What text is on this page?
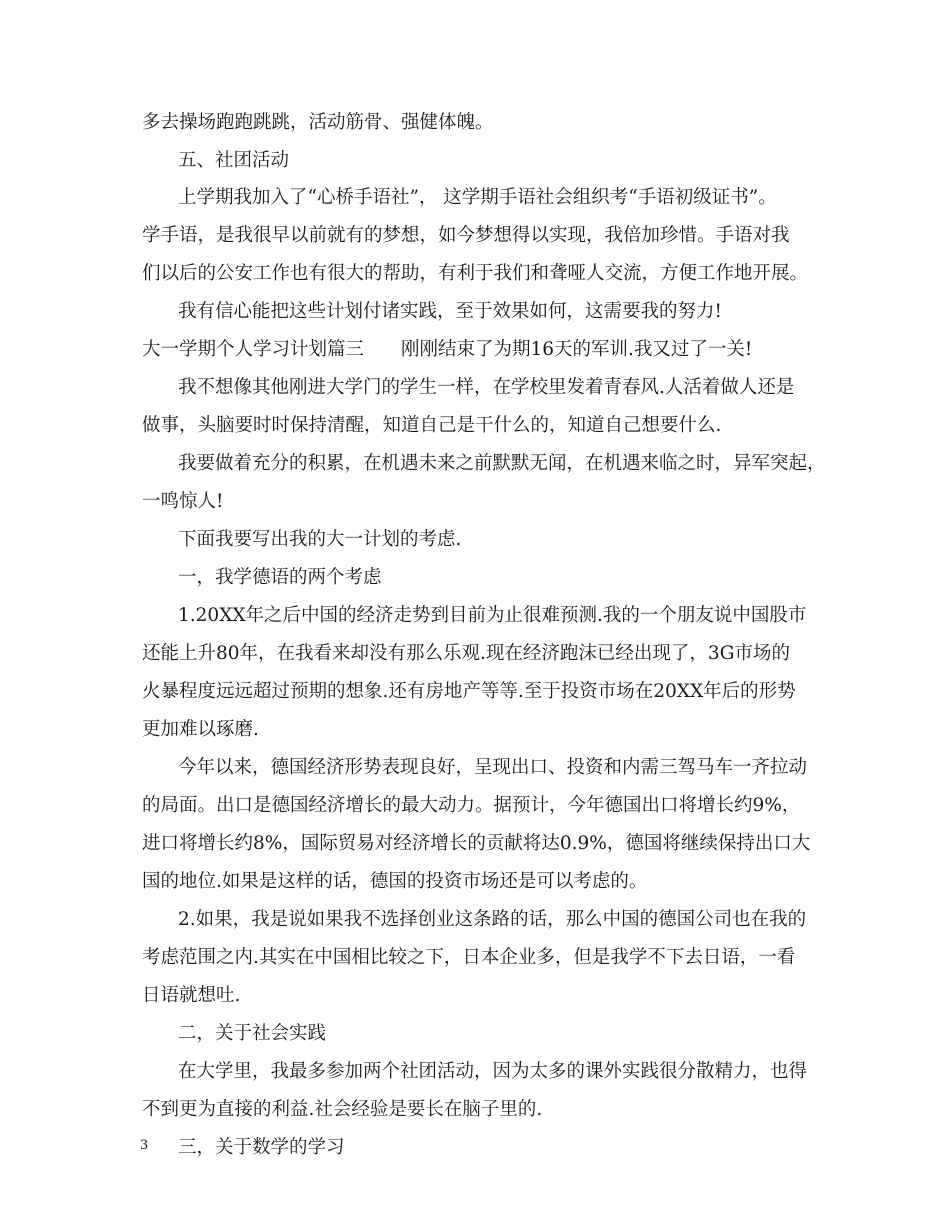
多去操场跑跑跳跳，活动筋骨、强健体魄。
五、社团活动
上学期我加入了“心桥手语社”， 这学期手语社会组织考“手语初级证书”。
学手语，是我很早以前就有的梦想，如今梦想得以实现，我倍加珍惜。手语对我
们以后的公安工作也有很大的帮助，有利于我们和聋哑人交流，方便工作地开展。
我有信心能把这些计划付诸实践，至于效果如何，这需要我的努力!
大一学期个人学习计划篇三　　刚刚结束了为期16天的军训.我又过了一关!
我不想像其他刚进大学门的学生一样，在学校里发着青春风.人活着做人还是
做事，头脑要时时保持清醒，知道自己是干什么的，知道自己想要什么.
我要做着充分的积累，在机遇未来之前默默无闻，在机遇来临之时，异军突起，
一鸣惊人!
下面我要写出我的大一计划的考虑.
一，我学德语的两个考虑
1.20XX年之后中国的经济走势到目前为止很难预测.我的一个朋友说中国股市
还能上升80年，在我看来却没有那么乐观.现在经济跑沫已经出现了，3G市场的
火暴程度远远超过预期的想象.还有房地产等等.至于投资市场在20XX年后的形势
更加难以琢磨.
今年以来，德国经济形势表现良好，呈现出口、投资和内需三驾马车一齐拉动
的局面。出口是德国经济增长的最大动力。据预计，今年德国出口将增长约9%，
进口将增长约8%，国际贸易对经济增长的贡献将达0.9%，德国将继续保持出口大
国的地位.如果是这样的话，德国的投资市场还是可以考虑的。
2.如果，我是说如果我不选择创业这条路的话，那么中国的德国公司也在我的
考虑范围之内.其实在中国相比较之下，日本企业多，但是我学不下去日语，一看
日语就想吐.
二，关于社会实践
在大学里，我最多参加两个社团活动，因为太多的课外实践很分散精力，也得
不到更为直接的利益.社会经验是要长在脑子里的.
三，关于数学的学习
3
